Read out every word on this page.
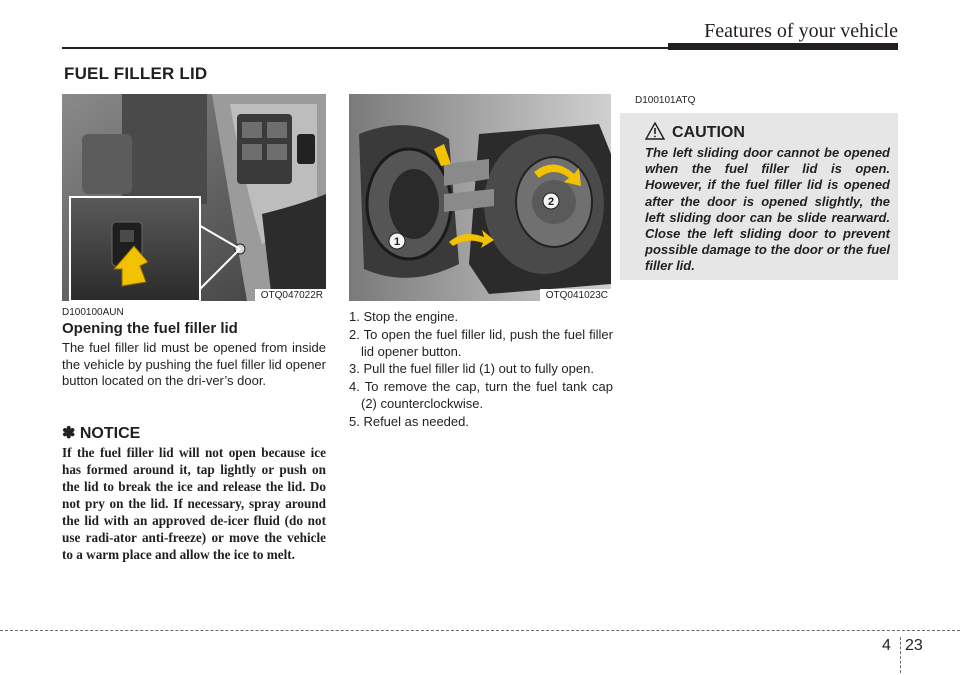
Features of your vehicle
FUEL FILLER LID
OTQ047022R
2
1
OTQ041023C
D100100AUN
Opening the fuel filler lid
The fuel filler lid must be opened from inside the vehicle by pushing the fuel filler lid opener button located on the dri-ver’s door.
✽ NOTICE
If the fuel filler lid will not open because ice has formed around it, tap lightly or push on the lid to break the ice and release the lid. Do not pry on the lid. If necessary, spray around the lid with an approved de-icer fluid (do not use radi-ator anti-freeze) or move the vehicle to a warm place and allow the ice to melt.
1. Stop the engine.
2. To open the fuel filler lid, push the fuel filler lid opener button.
3. Pull the fuel filler lid (1) out to fully open.
4. To remove the cap, turn the fuel tank cap (2) counterclockwise.
5. Refuel as needed.
D100101ATQ
CAUTION
The left sliding door cannot be opened when the fuel filler lid is open. However, if the fuel filler lid is opened after the door is opened slightly, the left sliding door can be slide rearward. Close the left sliding door to prevent possible damage to the door or the fuel filler lid.
4 23
